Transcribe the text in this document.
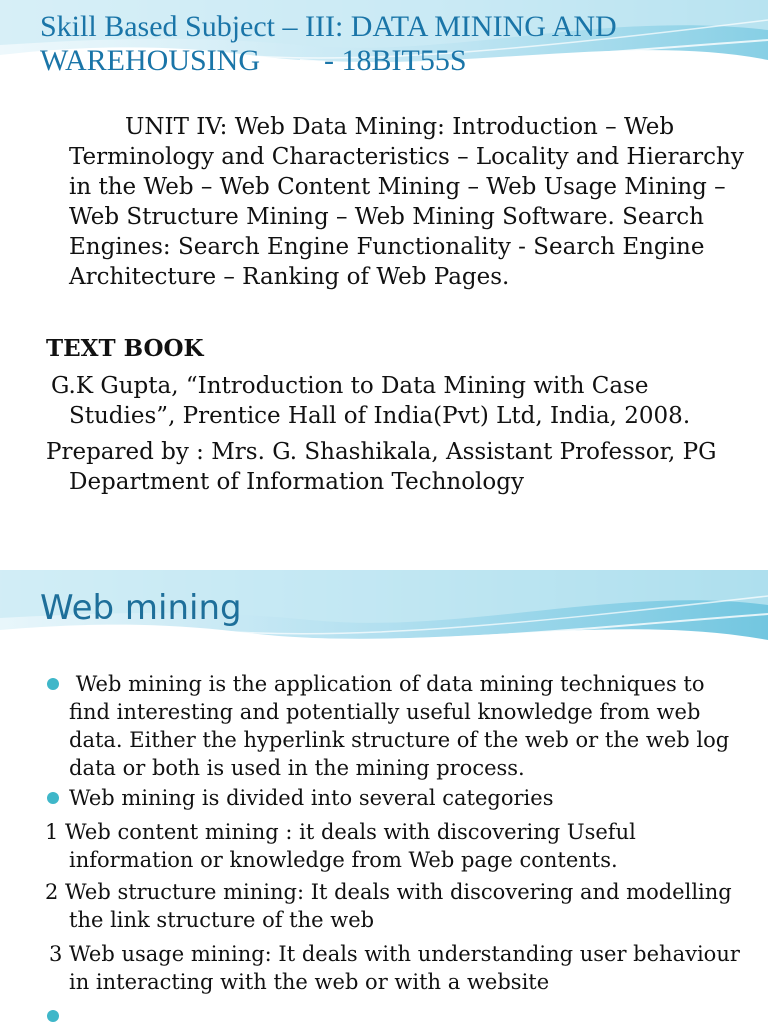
Skill Based Subject – III: DATA MINING AND
WAREHOUSING - 18BIT55S
UNIT IV: Web Data Mining: Introduction – Web Terminology and Characteristics – Locality and Hierarchy in the Web – Web Content Mining – Web Usage Mining – Web Structure Mining – Web Mining Software. Search Engines: Search Engine Functionality - Search Engine Architecture – Ranking of Web Pages.
TEXT BOOK
G.K Gupta, “Introduction to Data Mining with Case Studies”, Prentice Hall of India(Pvt) Ltd, India, 2008.
Prepared by : Mrs. G. Shashikala, Assistant Professor, PG Department of Information Technology
Web mining
Web mining is the application of data mining techniques to find interesting and potentially useful knowledge from web data. Either the hyperlink structure of the web or the web log data or both is used in the mining process.
Web mining is divided into several categories
1 Web content mining : it deals with discovering Useful information or knowledge from Web page contents.
2 Web structure mining: It deals with discovering and modelling the link structure of the web
3 Web usage mining: It deals with understanding user behaviour in interacting with the web or with a website
